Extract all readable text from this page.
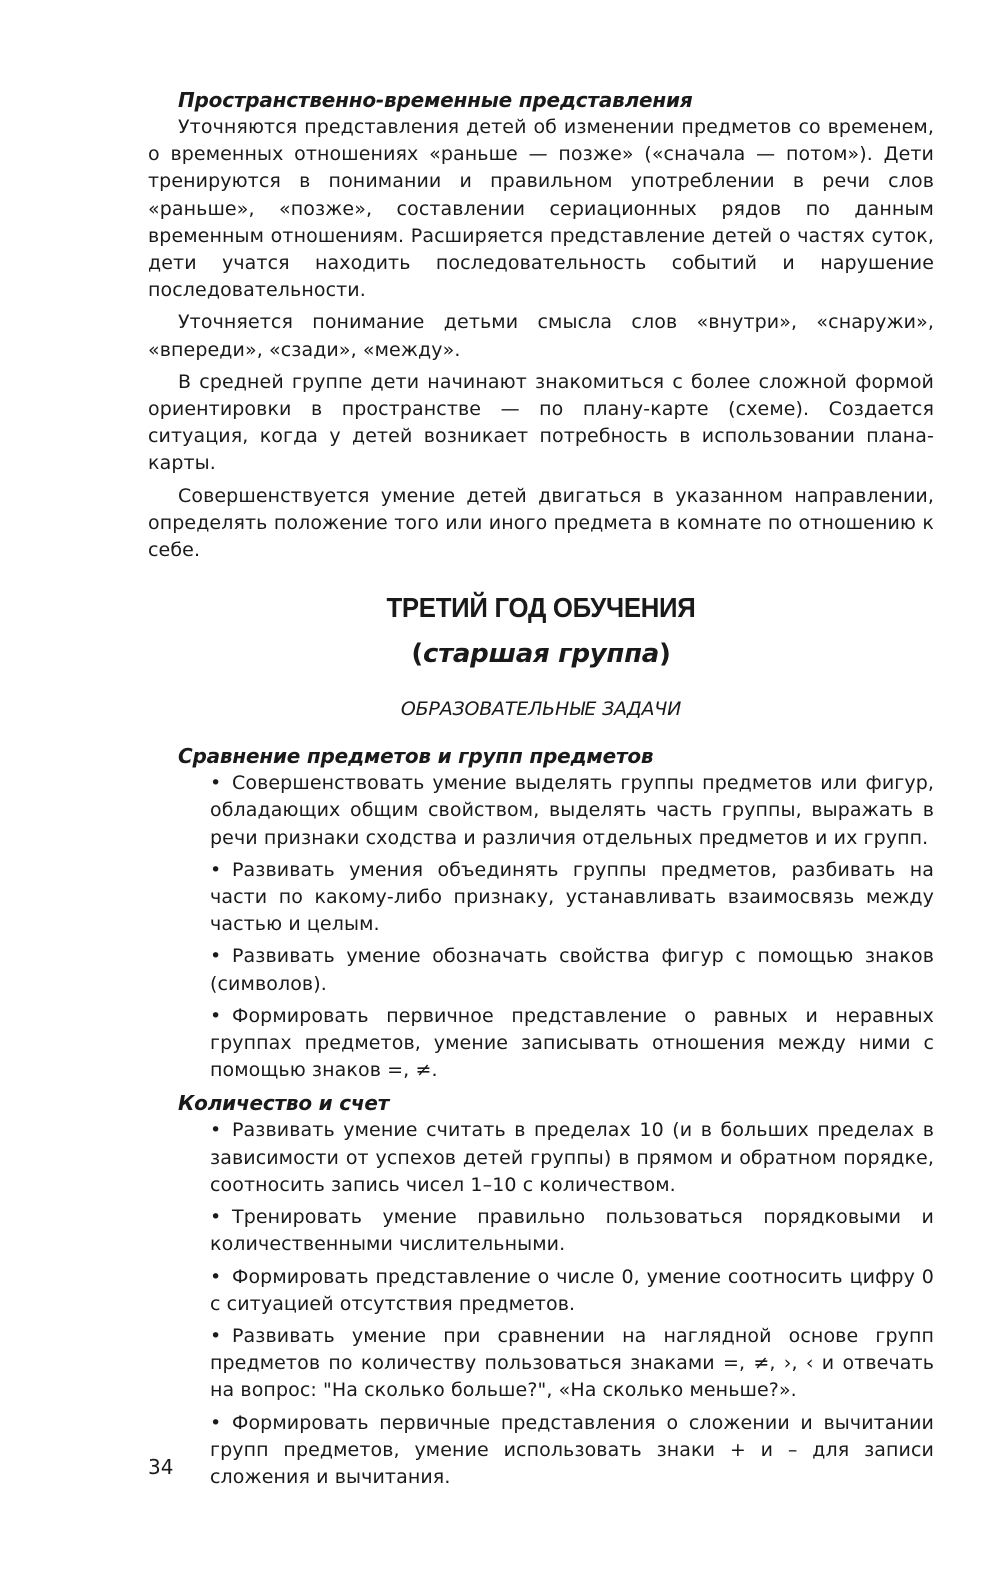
Пространственно-временные представления

Уточняются представления детей об изменении предметов со временем, о временных отношениях «раньше — позже» («сначала — потом»). Дети тренируются в понимании и правильном употреблении в речи слов «раньше», «позже», составлении сериационных рядов по данным временным отношениям. Расширяется представление детей о частях суток, дети учатся находить последовательность событий и нарушение последовательности.

Уточняется понимание детьми смысла слов «внутри», «снаружи», «впереди», «сзади», «между».

В средней группе дети начинают знакомиться с более сложной формой ориентировки в пространстве — по плану-карте (схеме). Создается ситуация, когда у детей возникает потребность в использовании плана-карты.

Совершенствуется умение детей двигаться в указанном направлении, определять положение того или иного предмета в комнате по отношению к себе.

ТРЕТИЙ ГОД ОБУЧЕНИЯ
(старшая группа)
ОБРАЗОВАТЕЛЬНЫЕ ЗАДАЧИ
Сравнение предметов и групп предметов
• Совершенствовать умение выделять группы предметов или фигур, обладающих общим свойством, выделять часть группы, выражать в речи признаки сходства и различия отдельных предметов и их групп.
• Развивать умения объединять группы предметов, разбивать на части по какому-либо признаку, устанавливать взаимосвязь между частью и целым.
• Развивать умение обозначать свойства фигур с помощью знаков (символов).
• Формировать первичное представление о равных и неравных группах предметов, умение записывать отношения между ними с помощью знаков =, ≠.
Количество и счет
• Развивать умение считать в пределах 10 (и в больших пределах в зависимости от успехов детей группы) в прямом и обратном порядке, соотносить запись чисел 1–10 с количеством.
• Тренировать умение правильно пользоваться порядковыми и количественными числительными.
• Формировать представление о числе 0, умение соотносить цифру 0 с ситуацией отсутствия предметов.
• Развивать умение при сравнении на наглядной основе групп предметов по количеству пользоваться знаками =, ≠, ›, ‹ и отвечать на вопрос: "На сколько больше?", «На сколько меньше?».
• Формировать первичные представления о сложении и вычитании групп предметов, умение использовать знаки + и – для записи сложения и вычитания.
34
